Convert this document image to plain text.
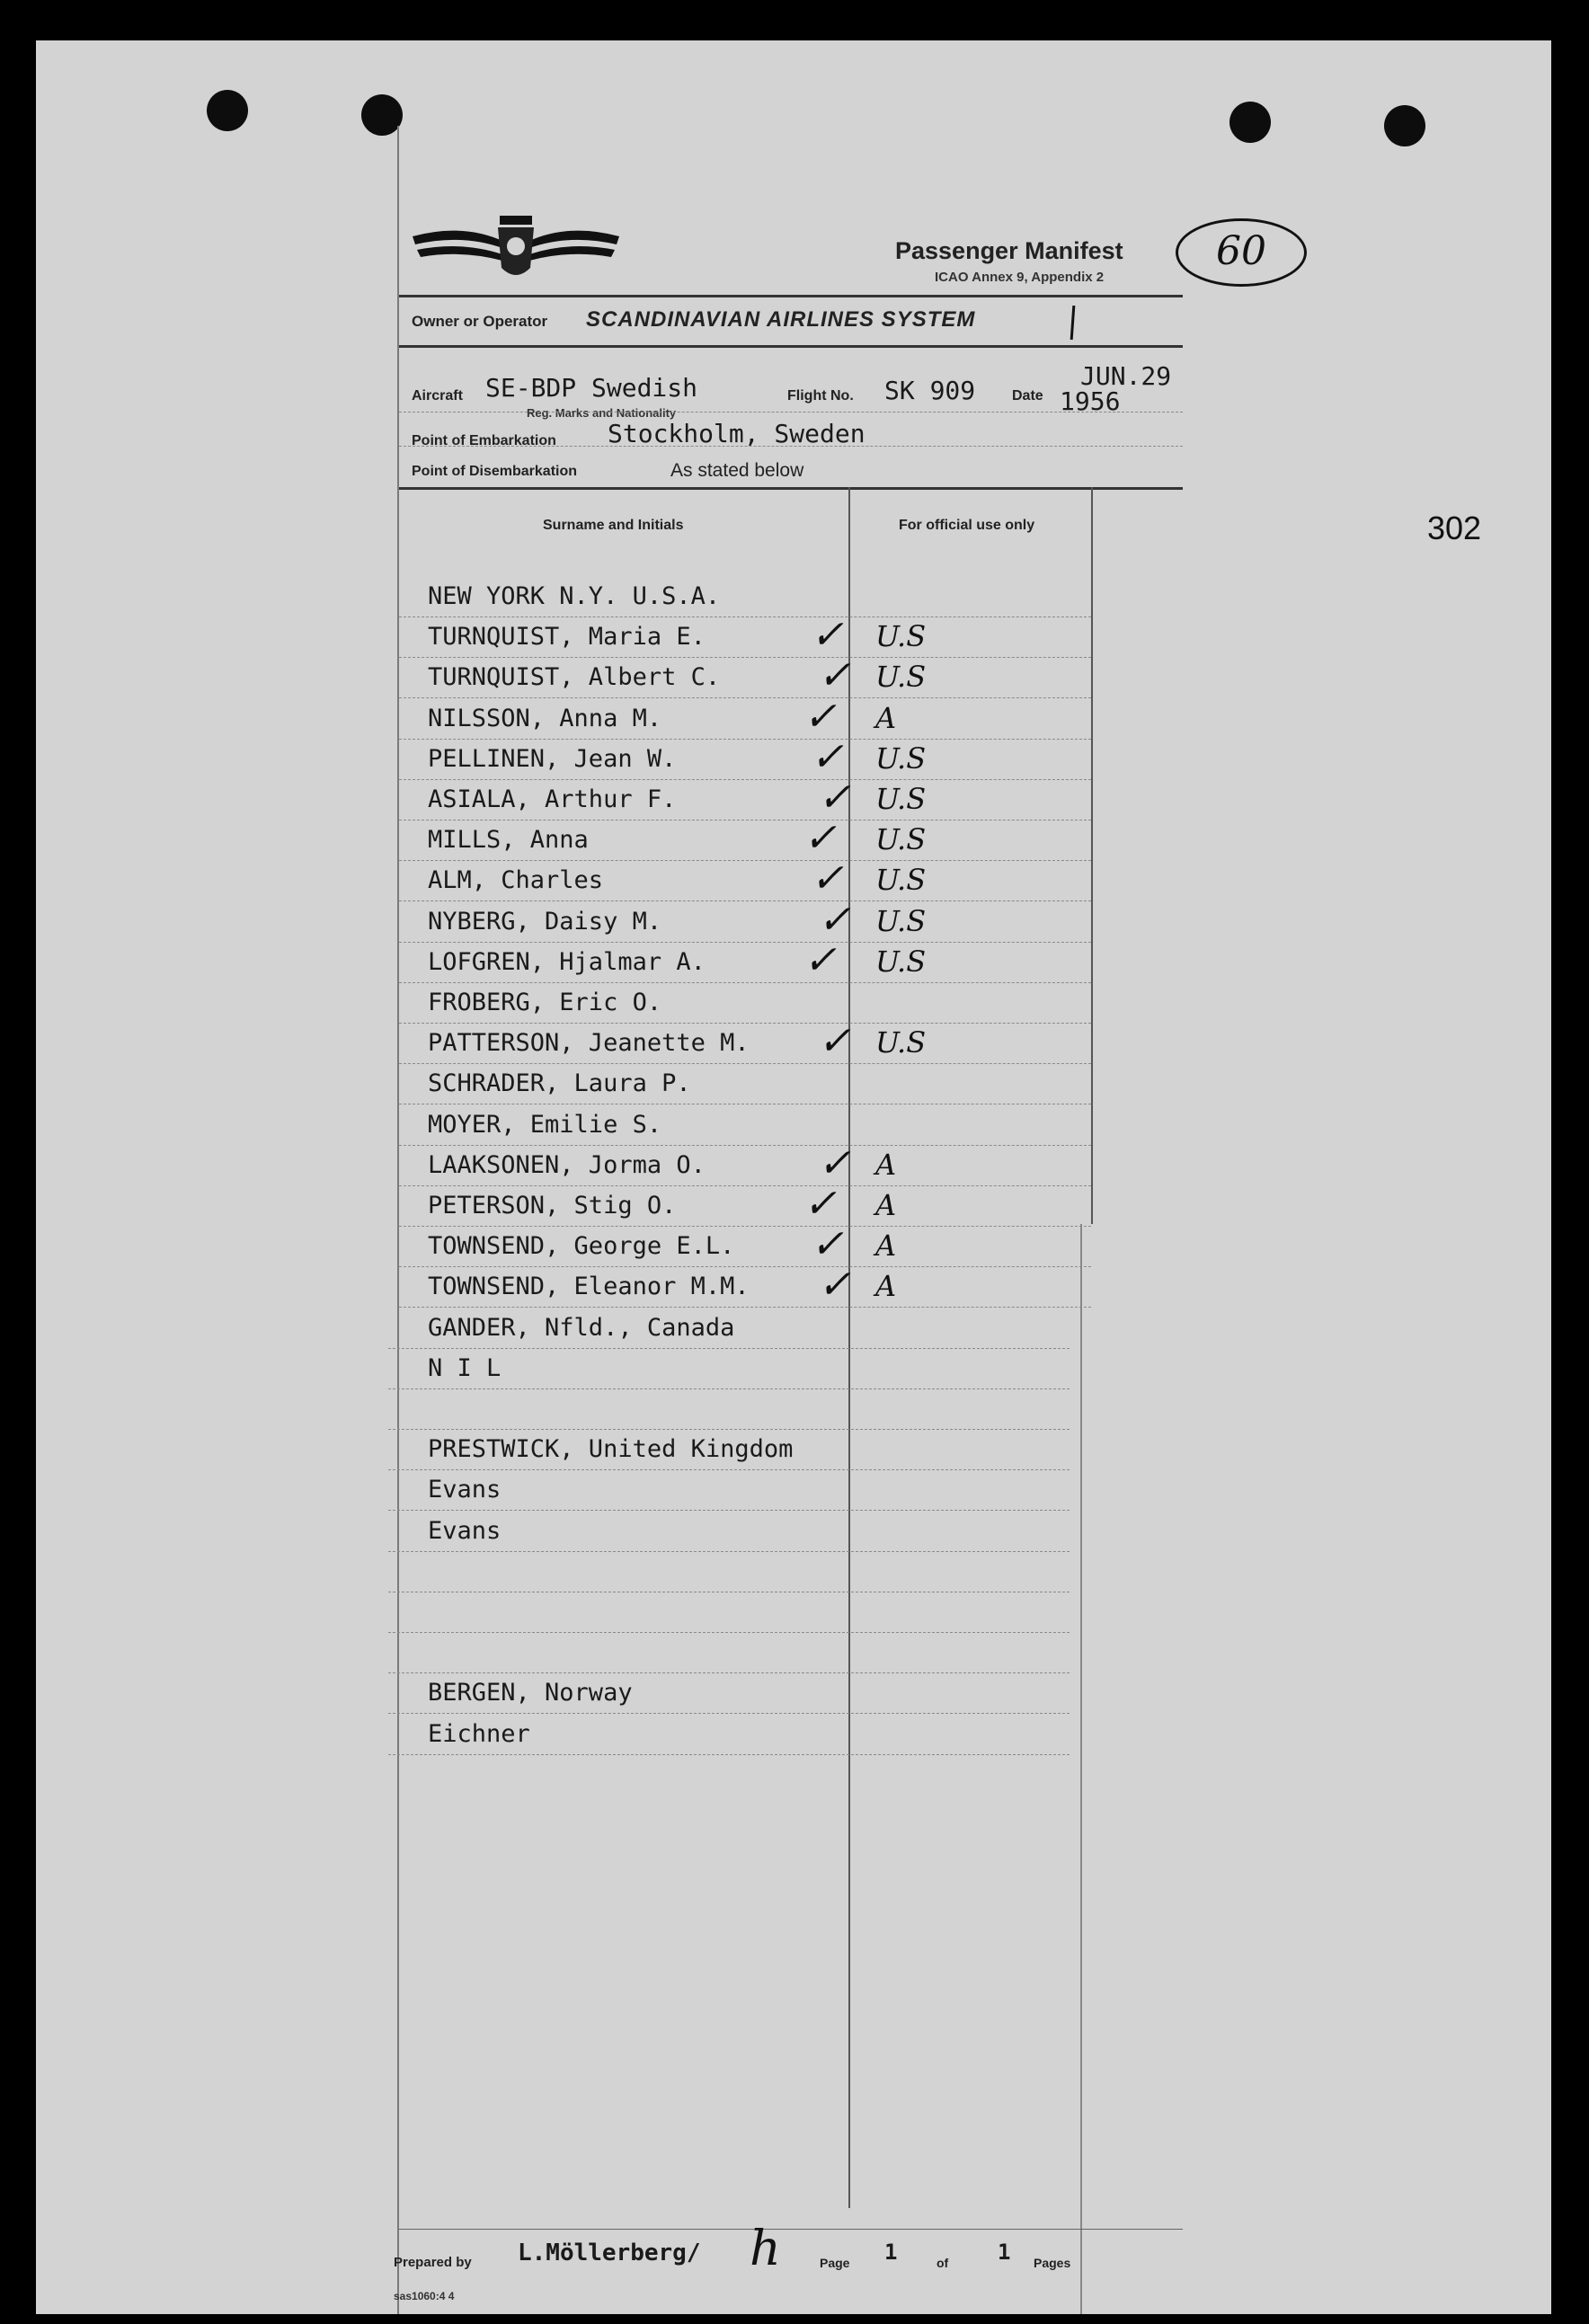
60
302
Passenger Manifest
ICAO Annex 9, Appendix 2
Owner or Operator SCANDINAVIAN AIRLINES SYSTEM
Aircraft SE-BDP Swedish
Reg. Marks and Nationality
Flight No. SK 909	Date
JUN.29
1956
Point of Embarkation Stockholm, Sweden
Point of Disembarkation	As stated below
Surname and Initials	For official use only
NEW YORK N.Y. U.S.A.
TURNQUIST, Maria E.	✓ U.S
TURNQUIST, Albert C. ✓ U.S
NILSSON, Anna M.	✓ A
PELLINEN, Jean W.	✓ U.S
ASIALA, Arthur F.	✓ U.S
MILLS, Anna	✓ U.S
ALM, Charles	✓ U.S
NYBERG, Daisy M.	✓ U.S
LOFGREN, Hjalmar A. ✓ U.S
FROBERG, Eric O.
PATTERSON, Jeanette M. ✓ U.S
SCHRADER, Laura P.
MOYER, Emilie S.
LAAKSONEN, Jorma O.	✓ A
PETERSON, Stig O.	✓ A
TOWNSEND, George E.L. ✓ A
TOWNSEND, Eleanor M.M. ✓ A
GANDER, Nfld., Canada
N I L
PRESTWICK, United Kingdom
Evans
Evans
BERGEN, Norway
Eichner
Prepared by L.Möllerberg/ ℎ	Page 1	of 1 Pages
sas1060:4 4
